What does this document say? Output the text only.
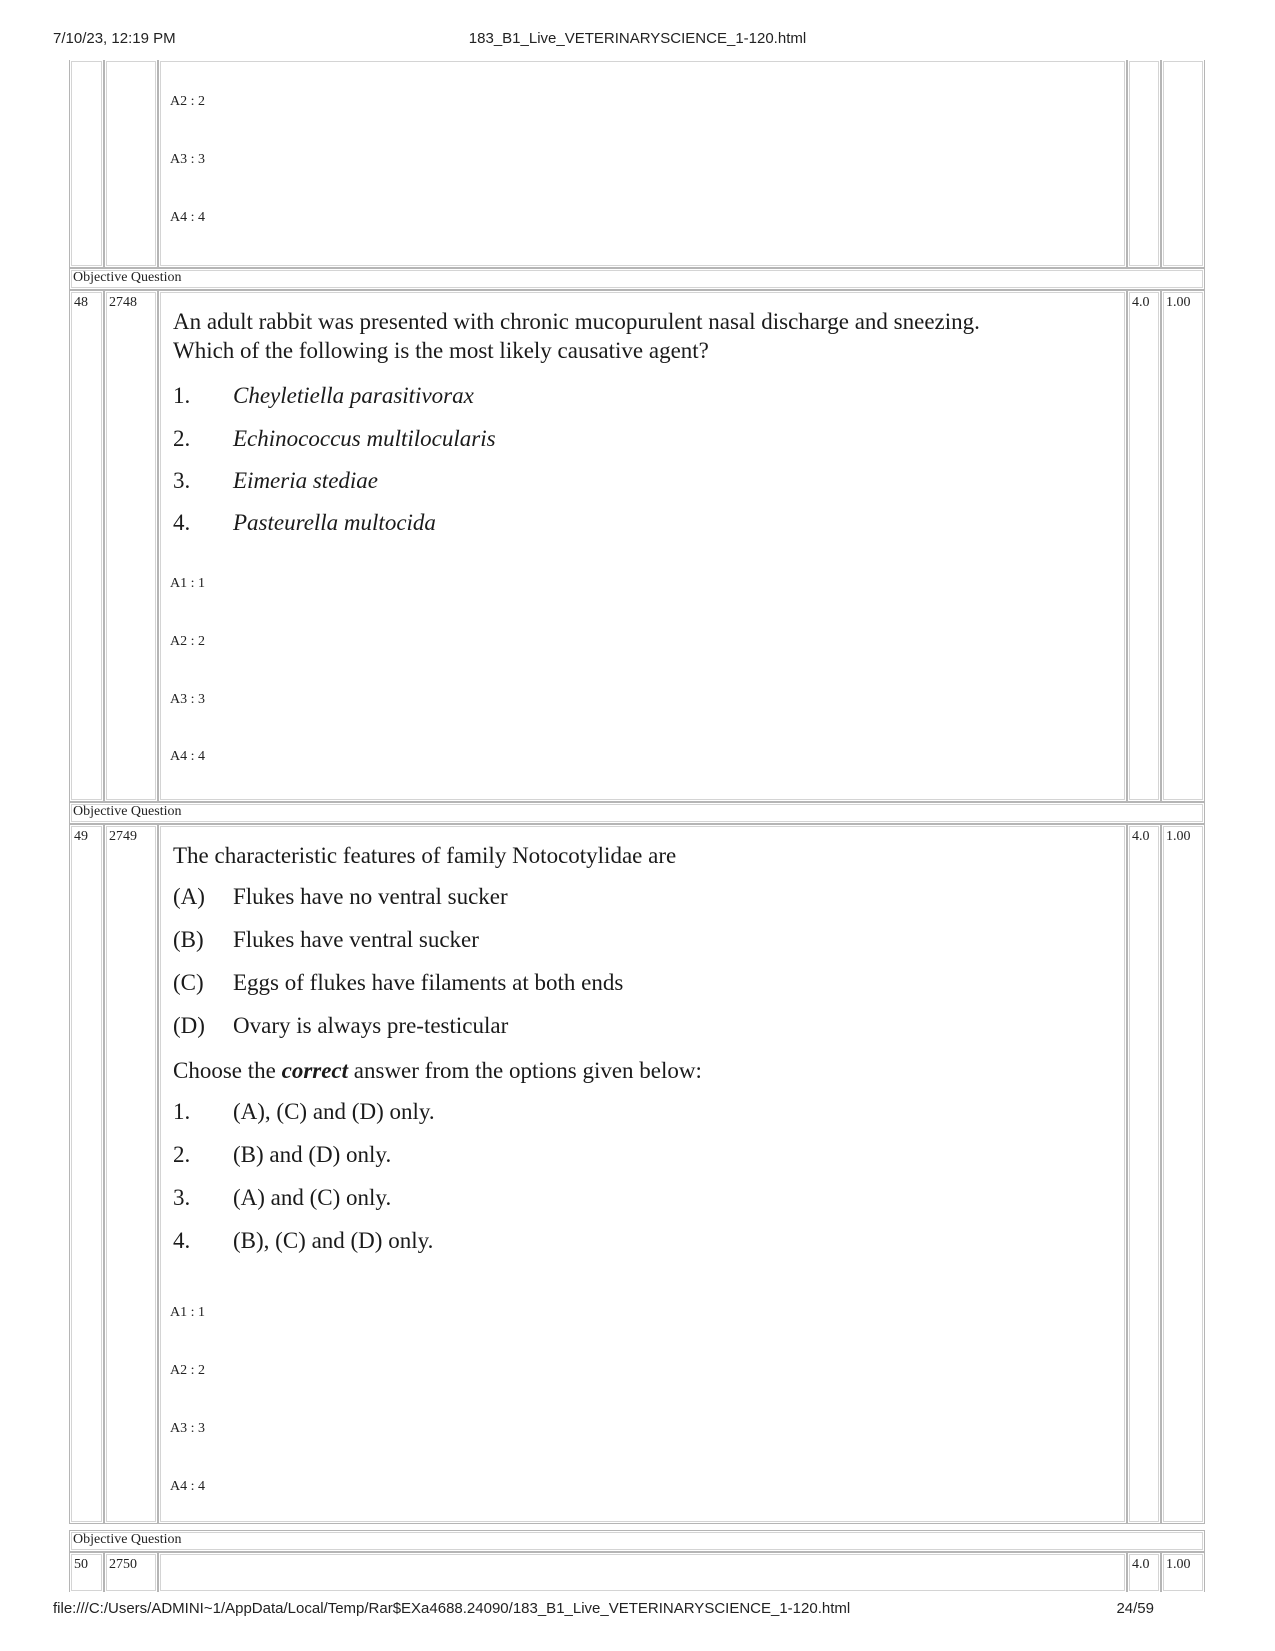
7/10/23, 12:19 PM	183_B1_Live_VETERINARYSCIENCE_1-120.html
A2 : 2
A3 : 3
A4 : 4
Objective Question
48 2748	4.0 1.00
An adult rabbit was presented with chronic mucopurulent nasal discharge and sneezing.
Which of the following is the most likely causative agent?
1. Cheyletiella parasitivorax
2. Echinococcus multilocularis
3. Eimeria stediae
4. Pasteurella multocida
A1 : 1
A2 : 2
A3 : 3
A4 : 4
Objective Question
49 2749	4.0 1.00
The characteristic features of family Notocotylidae are
(A) Flukes have no ventral sucker
(B) Flukes have ventral sucker
(C) Eggs of flukes have filaments at both ends
(D) Ovary is always pre-testicular
Choose the correct answer from the options given below:
1. (A), (C) and (D) only.
2. (B) and (D) only.
3. (A) and (C) only.
4. (B), (C) and (D) only.
A1 : 1
A2 : 2
A3 : 3
A4 : 4
Objective Question
50 2750	4.0 1.00
file:///C:/Users/ADMINI~1/AppData/Local/Temp/Rar$EXa4688.24090/183_B1_Live_VETERINARYSCIENCE_1-120.html	24/59
